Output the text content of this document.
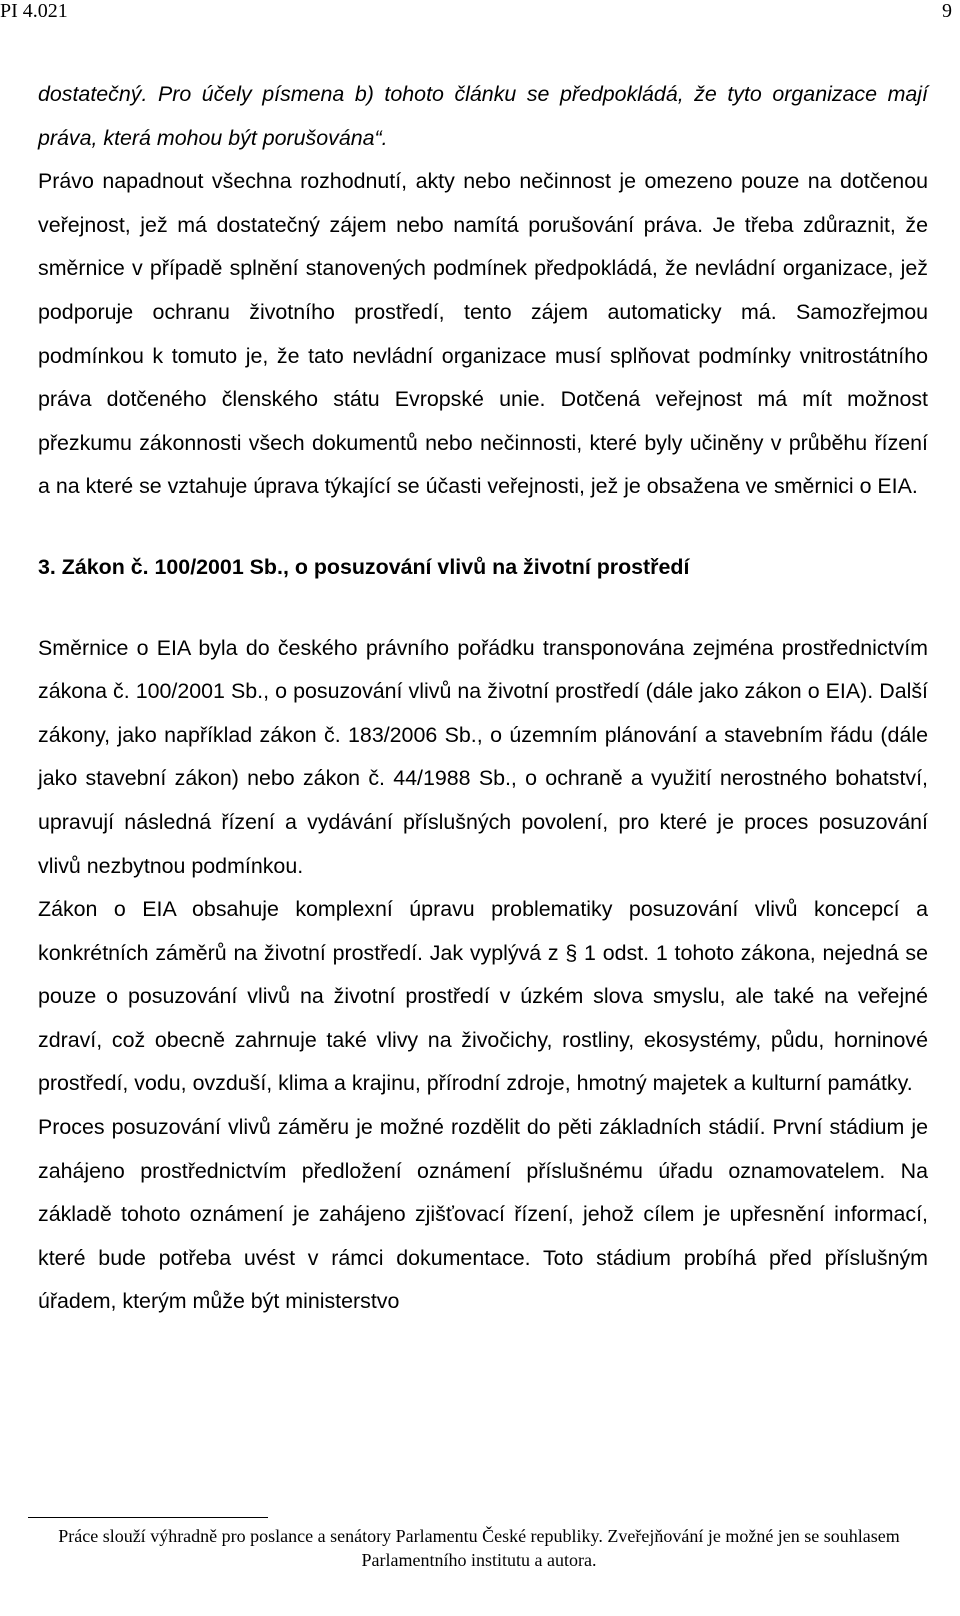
PI 4.021	9

dostatečný. Pro účely písmena b) tohoto článku se předpokládá, že tyto organizace mají práva, která mohou být porušována“.

Právo napadnout všechna rozhodnutí, akty nebo nečinnost je omezeno pouze na dotčenou veřejnost, jež má dostatečný zájem nebo namítá porušování práva. Je třeba zdůraznit, že směrnice v případě splnění stanovených podmínek předpokládá, že nevládní organizace, jež podporuje ochranu životního prostředí, tento zájem automaticky má. Samozřejmou podmínkou k tomuto je, že tato nevládní organizace musí splňovat podmínky vnitrostátního práva dotčeného členského státu Evropské unie. Dotčená veřejnost má mít možnost přezkumu zákonnosti všech dokumentů nebo nečinnosti, které byly učiněny v průběhu řízení a na které se vztahuje úprava týkající se účasti veřejnosti, jež je obsažena ve směrnici o EIA.

3. Zákon č. 100/2001 Sb., o posuzování vlivů na životní prostředí

Směrnice o EIA byla do českého právního pořádku transponována zejména prostřednictvím zákona č. 100/2001 Sb., o posuzování vlivů na životní prostředí (dále jako zákon o EIA). Další zákony, jako například zákon č. 183/2006 Sb., o územním plánování a stavebním řádu (dále jako stavební zákon) nebo zákon č. 44/1988 Sb., o ochraně a využití nerostného bohatství, upravují následná řízení a vydávání příslušných povolení, pro které je proces posuzování vlivů nezbytnou podmínkou.

Zákon o EIA obsahuje komplexní úpravu problematiky posuzování vlivů koncepcí a konkrétních záměrů na životní prostředí. Jak vyplývá z § 1 odst. 1 tohoto zákona, nejedná se pouze o posuzování vlivů na životní prostředí v úzkém slova smyslu, ale také na veřejné zdraví, což obecně zahrnuje také vlivy na živočichy, rostliny, ekosystémy, půdu, horninové prostředí, vodu, ovzduší, klima a krajinu, přírodní zdroje, hmotný majetek a kulturní památky.

Proces posuzování vlivů záměru je možné rozdělit do pěti základních stádií. První stádium je zahájeno prostřednictvím předložení oznámení příslušnému úřadu oznamovatelem. Na základě tohoto oznámení je zahájeno zjišťovací řízení, jehož cílem je upřesnění informací, které bude potřeba uvést v rámci dokumentace. Toto stádium probíhá před příslušným úřadem, kterým může být ministerstvo

Práce slouží výhradně pro poslance a senátory Parlamentu České republiky. Zveřejňování je možné jen se souhlasem Parlamentního institutu a autora.
